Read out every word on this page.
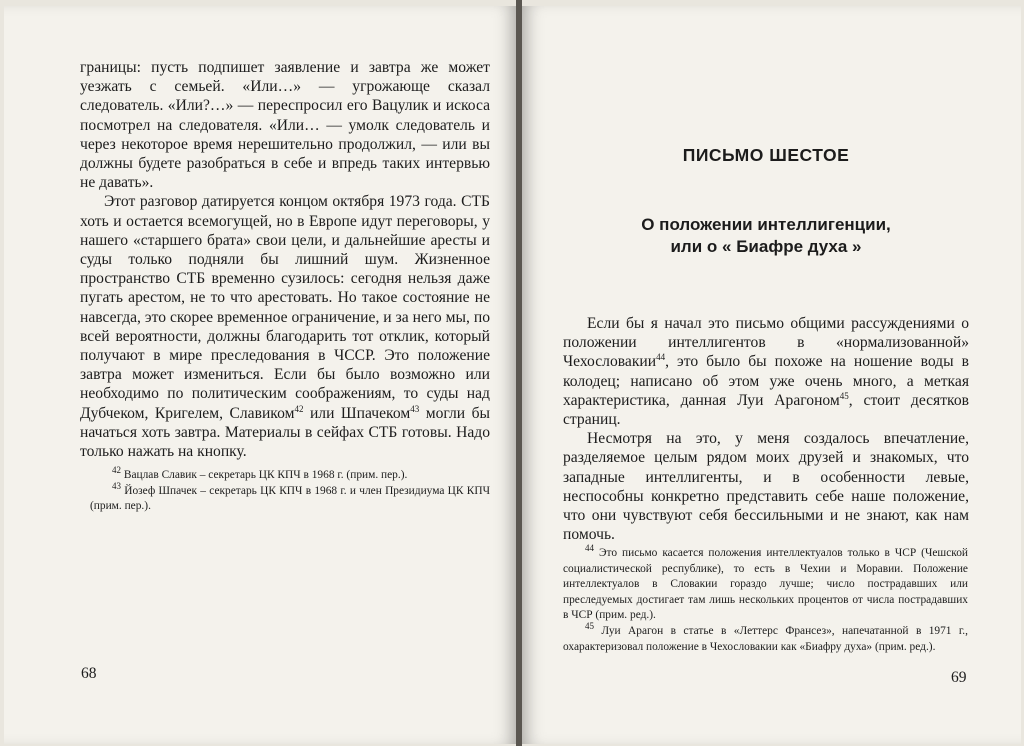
границы: пусть подпишет заявление и завтра же может уезжать с семьей. «Или…» — угрожающе сказал следователь. «Или?…» — переспросил его Вацулик и искоса посмотрел на следователя. «Или… — умолк следователь и через некоторое время нерешительно продолжил, — или вы должны будете разобраться в себе и впредь таких интервью не давать».

Этот разговор датируется концом октября 1973 года. СТБ хоть и остается всемогущей, но в Европе идут переговоры, у нашего «старшего брата» свои цели, и дальнейшие аресты и суды только подняли бы лишний шум. Жизненное пространство СТБ временно сузилось: сегодня нельзя даже пугать арестом, не то что арестовать. Но такое состояние не навсегда, это скорее временное ограничение, и за него мы, по всей вероятности, должны благодарить тот отклик, который получают в мире преследования в ЧССР. Это положение завтра может измениться. Если бы было возможно или необходимо по политическим соображениям, то суды над Дубчеком, Кригелем, Славиком$^{42}$ или Шпачеком$^{43}$ могли бы начаться хоть завтра. Материалы в сейфах СТБ готовы. Надо только нажать на кнопку.

$^{42}$ Вацлав Славик – секретарь ЦК КПЧ в 1968 г. (прим. пер.).

$^{43}$ Йозеф Шпачек – секретарь ЦК КПЧ в 1968 г. и член Президиума ЦК КПЧ (прим. пер.).

68
ПИСЬМО ШЕСТОЕ
О положении интеллигенции,
или о « Биафре духа »

Если бы я начал это письмо общими рассуждениями о положении интеллигентов в «нормализованной» Чехословакии$^{44}$, это было бы похоже на ношение воды в колодец; написано об этом уже очень много, а меткая характеристика, данная Луи Арагоном$^{45}$, стоит десятков страниц.

Несмотря на это, у меня создалось впечатление, разделяемое целым рядом моих друзей и знакомых, что западные интеллигенты, и в особенности левые, неспособны конкретно представить себе наше положение, что они чувствуют себя бессильными и не знают, как нам помочь.

$^{44}$ Это письмо касается положения интеллектуалов только в ЧСР (Чешской социалистической республике), то есть в Чехии и Моравии. Положение интеллектуалов в Словакии гораздо лучше; число пострадавших или преследуемых достигает там лишь нескольких процентов от числа пострадавших в ЧСР (прим. ред.).

$^{45}$ Луи Арагон в статье в «Леттерс Франсез», напечатанной в 1971 г., охарактеризовал положение в Чехословакии как «Биафру духа» (прим. ред.).

69
